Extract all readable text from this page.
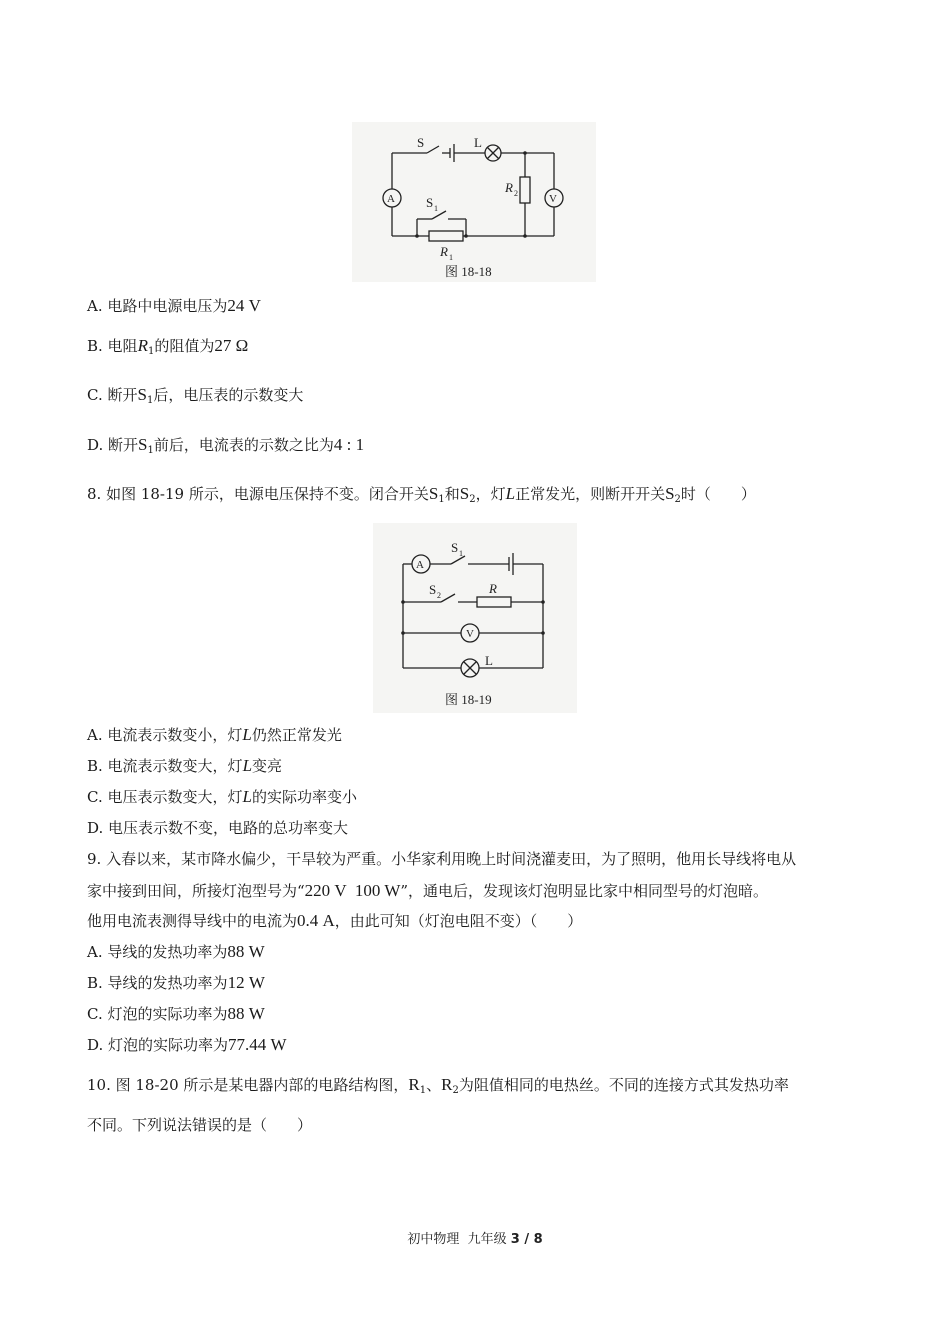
S	L
R 2	V
A S 1
R 1
图 18-18
A. 电路中电源电压为24 V
B. 电阻$R_1$的阻值为27 Ω
C. 断开$S_1$后，电压表的示数变大
D. 断开$S_1$前后，电流表的示数之比为4 : 1
8. 如图 18-19 所示，电源电压保持不变。闭合开关$S_1$和$S_2$，灯L正常发光，则断开开关$S_2$时（　　）
A
S 1
S 2	R
V
L
图 18-19
A. 电流表示数变小，灯L仍然正常发光
B. 电流表示数变大，灯L变亮
C. 电压表示数变大，灯L的实际功率变小
D. 电压表示数不变，电路的总功率变大
9. 入春以来，某市降水偏少，干旱较为严重。小华家利用晚上时间浇灌麦田，为了照明，他用长导线将电从
家中接到田间，所接灯泡型号为“220 V  100 W”，通电后，发现该灯泡明显比家中相同型号的灯泡暗。
他用电流表测得导线中的电流为0.4 A，由此可知（灯泡电阻不变）（　　）
A. 导线的发热功率为88 W
B. 导线的发热功率为12 W
C. 灯泡的实际功率为88 W
D. 灯泡的实际功率为77.44 W
10. 图 18-20 所示是某电器内部的电路结构图，$R_1$、$R_2$为阻值相同的电热丝。不同的连接方式其发热功率
不同。下列说法错误的是（　　）
初中物理  九年级 3 / 8
